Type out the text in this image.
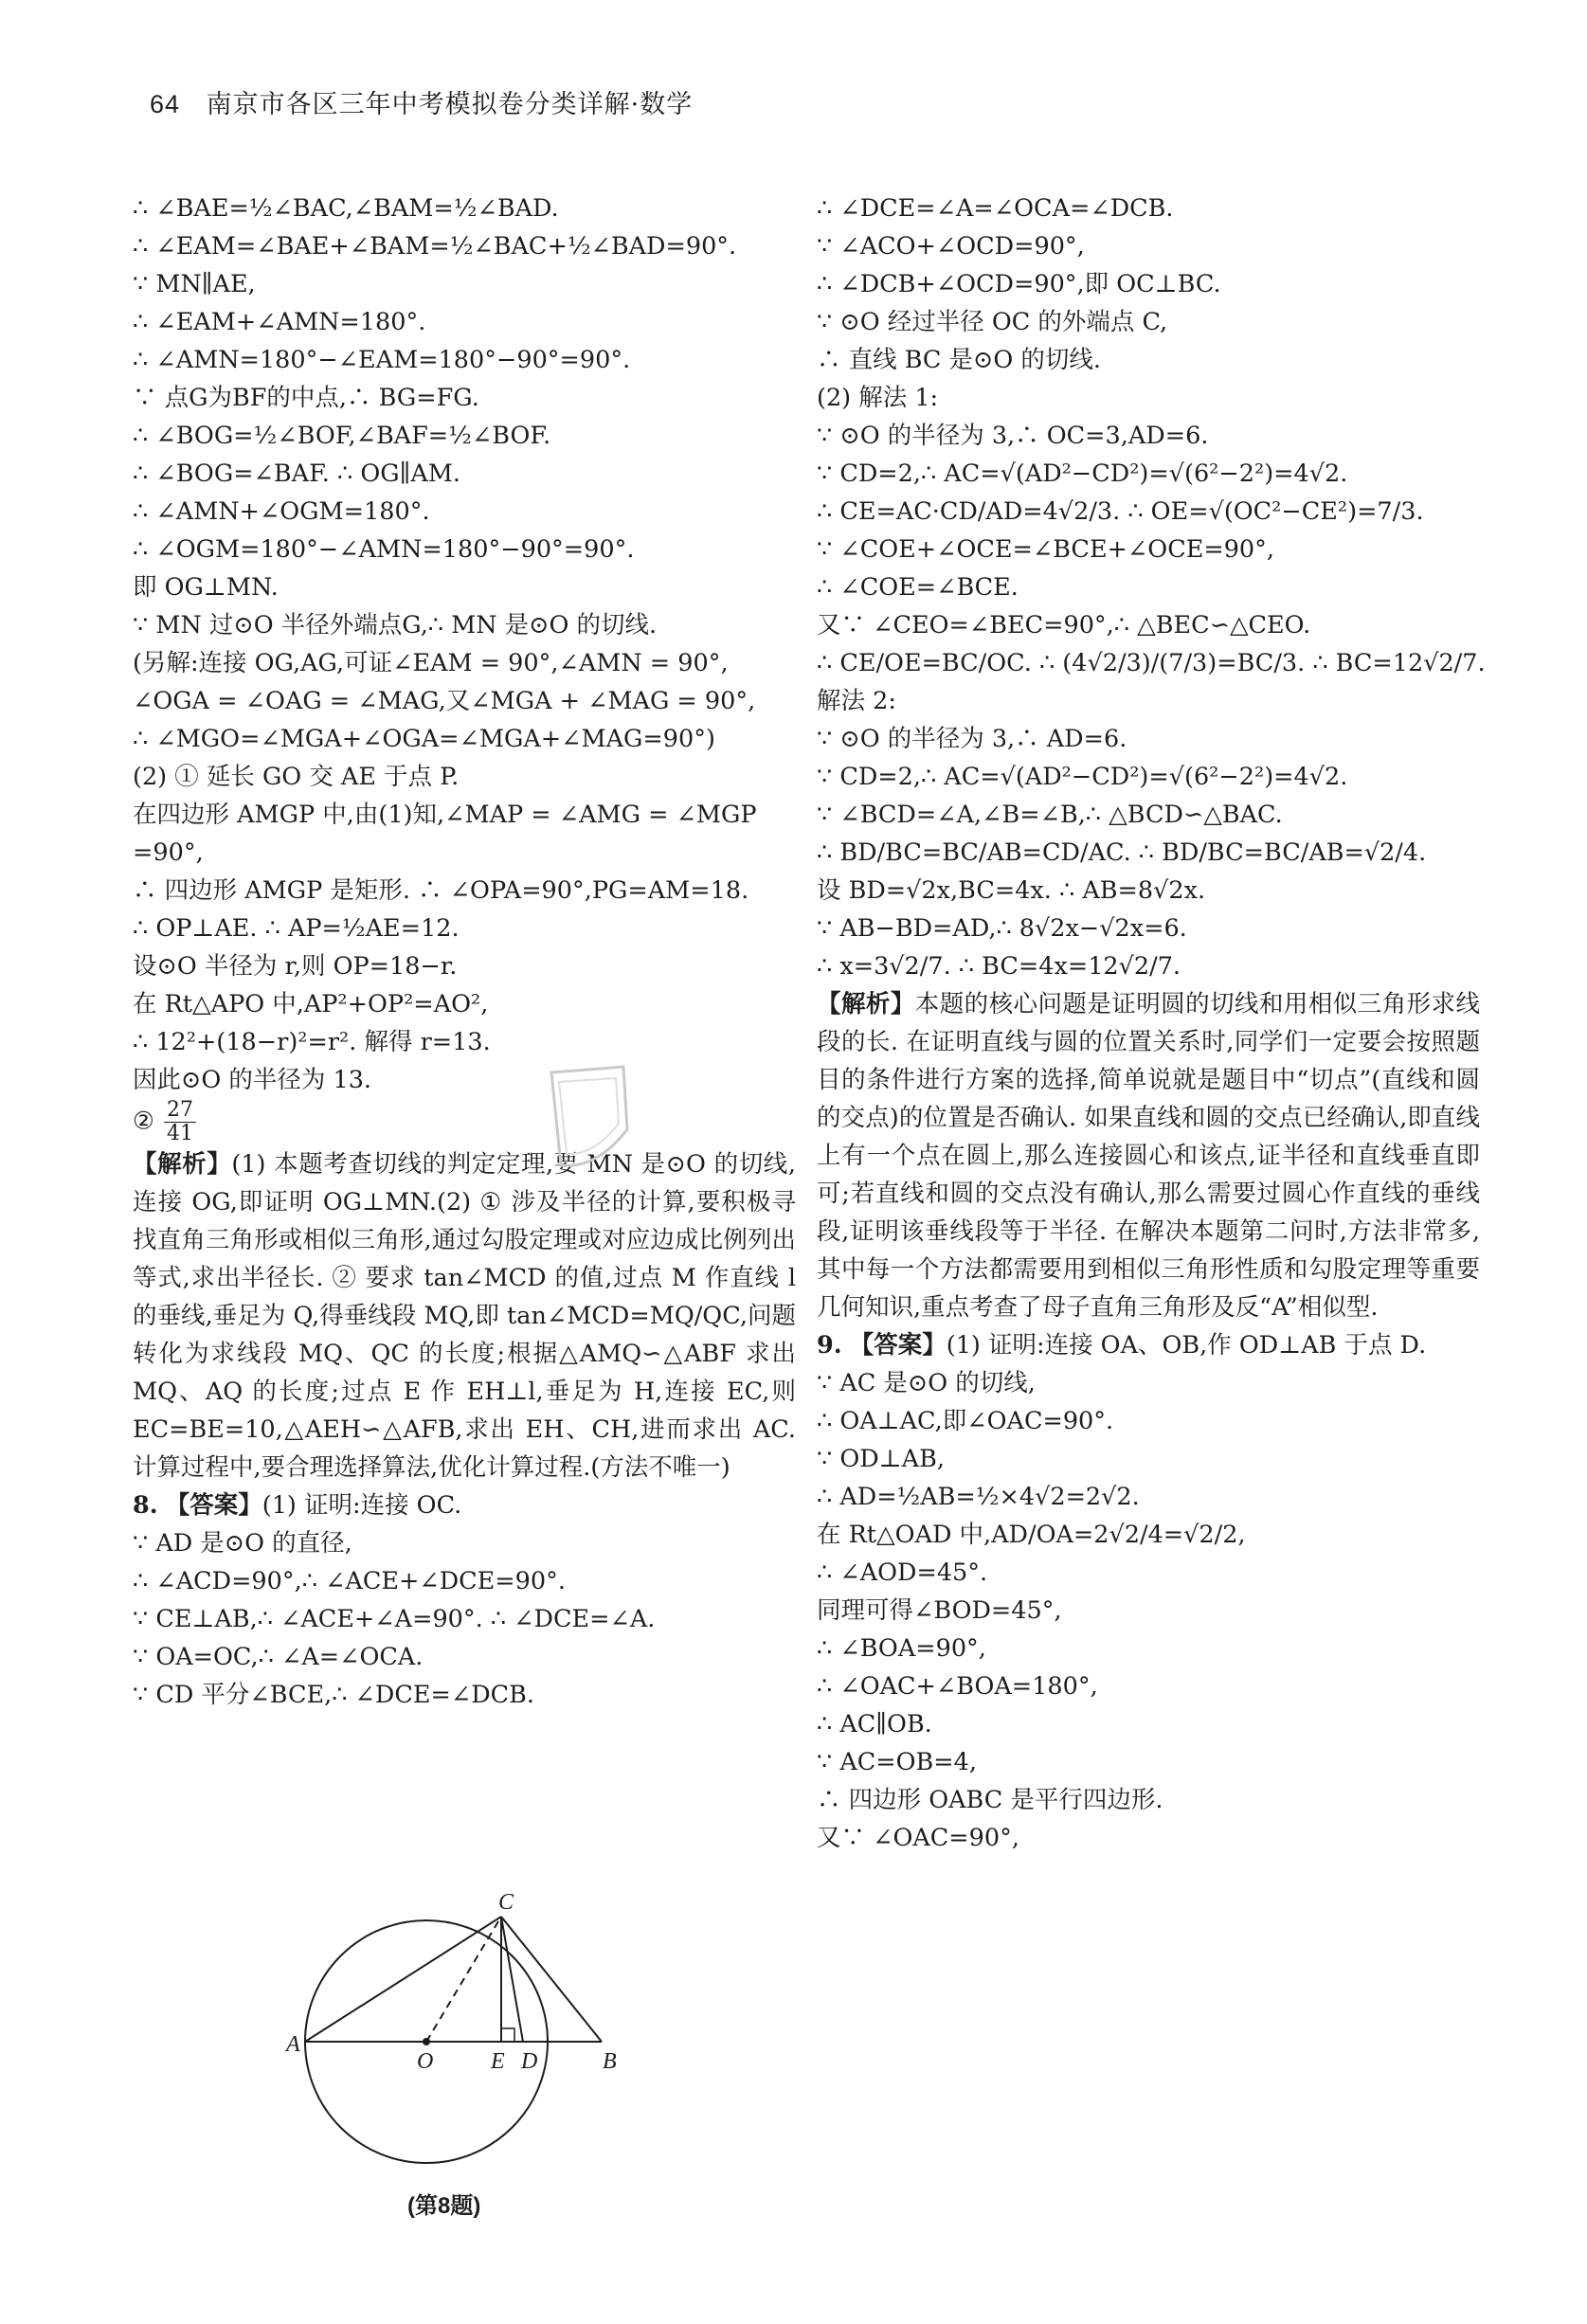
64 南京市各区三年中考模拟卷分类详解·数学
∴ ∠BAE=½∠BAC,∠BAM=½∠BAD.
∴ ∠EAM=∠BAE+∠BAM=½∠BAC+½∠BAD=90°.
∵ MN∥AE,
∴ ∠EAM+∠AMN=180°.
∴ ∠AMN=180°−∠EAM=180°−90°=90°.
∵ 点G为BF的中点,∴ BG=FG.
∴ ∠BOG=½∠BOF,∠BAF=½∠BOF.
∴ ∠BOG=∠BAF. ∴ OG∥AM.
∴ ∠AMN+∠OGM=180°.
∴ ∠OGM=180°−∠AMN=180°−90°=90°.
即 OG⊥MN.
∵ MN 过⊙O 半径外端点G,∴ MN 是⊙O 的切线.
(另解:连接 OG,AG,可证∠EAM = 90°,∠AMN = 90°,
∠OGA = ∠OAG = ∠MAG,又∠MGA + ∠MAG = 90°,
∴ ∠MGO=∠MGA+∠OGA=∠MGA+∠MAG=90°)
(2) ① 延长 GO 交 AE 于点 P.
在四边形 AMGP 中,由(1)知,∠MAP = ∠AMG = ∠MGP
=90°,
∴ 四边形 AMGP 是矩形. ∴ ∠OPA=90°,PG=AM=18.
∴ OP⊥AE. ∴ AP=½AE=12.
设⊙O 半径为 r,则 OP=18−r.
在 Rt△APO 中,AP²+OP²=AO²,
∴ 12²+(18−r)²=r². 解得 r=13.
因此⊙O 的半径为 13.
② $\frac{27}{41}$
【解析】(1) 本题考查切线的判定定理,要 MN 是⊙O 的切线,连接 OG,即证明 OG⊥MN.(2) ① 涉及半径的计算,要积极寻找直角三角形或相似三角形,通过勾股定理或对应边成比例列出等式,求出半径长. ② 要求 tan∠MCD 的值,过点 M 作直线 l 的垂线,垂足为 Q,得垂线段 MQ,即 tan∠MCD=MQ/QC,问题转化为求线段 MQ、QC 的长度;根据△AMQ∽△ABF 求出 MQ、AQ 的长度;过点 E 作 EH⊥l,垂足为 H,连接 EC,则 EC=BE=10,△AEH∽△AFB,求出 EH、CH,进而求出 AC. 计算过程中,要合理选择算法,优化计算过程.(方法不唯一)
8. 【答案】(1) 证明:连接 OC.
∵ AD 是⊙O 的直径,
∴ ∠ACD=90°,∴ ∠ACE+∠DCE=90°.
∵ CE⊥AB,∴ ∠ACE+∠A=90°. ∴ ∠DCE=∠A.
∵ OA=OC,∴ ∠A=∠OCA.
∵ CD 平分∠BCE,∴ ∠DCE=∠DCB.
A
O	E D	B
C
(第8题)
∴ ∠DCE=∠A=∠OCA=∠DCB.
∵ ∠ACO+∠OCD=90°,
∴ ∠DCB+∠OCD=90°,即 OC⊥BC.
∵ ⊙O 经过半径 OC 的外端点 C,
∴ 直线 BC 是⊙O 的切线.
(2) 解法 1:
∵ ⊙O 的半径为 3,∴ OC=3,AD=6.
∵ CD=2,∴ AC=√(AD²−CD²)=√(6²−2²)=4√2.
∴ CE=AC·CD/AD=4√2/3. ∴ OE=√(OC²−CE²)=7/3.
∵ ∠COE+∠OCE=∠BCE+∠OCE=90°,
∴ ∠COE=∠BCE.
又∵ ∠CEO=∠BEC=90°,∴ △BEC∽△CEO.
∴ CE/OE=BC/OC. ∴ (4√2/3)/(7/3)=BC/3. ∴ BC=12√2/7.
解法 2:
∵ ⊙O 的半径为 3,∴ AD=6.
∵ CD=2,∴ AC=√(AD²−CD²)=√(6²−2²)=4√2.
∵ ∠BCD=∠A,∠B=∠B,∴ △BCD∽△BAC.
∴ BD/BC=BC/AB=CD/AC. ∴ BD/BC=BC/AB=√2/4.
设 BD=√2x,BC=4x. ∴ AB=8√2x.
∵ AB−BD=AD,∴ 8√2x−√2x=6.
∴ x=3√2/7. ∴ BC=4x=12√2/7.
【解析】本题的核心问题是证明圆的切线和用相似三角形求线段的长. 在证明直线与圆的位置关系时,同学们一定要会按照题目的条件进行方案的选择,简单说就是题目中“切点”(直线和圆的交点)的位置是否确认. 如果直线和圆的交点已经确认,即直线上有一个点在圆上,那么连接圆心和该点,证半径和直线垂直即可;若直线和圆的交点没有确认,那么需要过圆心作直线的垂线段,证明该垂线段等于半径. 在解决本题第二问时,方法非常多,其中每一个方法都需要用到相似三角形性质和勾股定理等重要几何知识,重点考查了母子直角三角形及反“A”相似型.
9. 【答案】(1) 证明:连接 OA、OB,作 OD⊥AB 于点 D.
∵ AC 是⊙O 的切线,
∴ OA⊥AC,即∠OAC=90°.
∵ OD⊥AB,
∴ AD=½AB=½×4√2=2√2.
在 Rt△OAD 中,AD/OA=2√2/4=√2/2,
∴ ∠AOD=45°.
同理可得∠BOD=45°,
∴ ∠BOA=90°,
∴ ∠OAC+∠BOA=180°,
∴ AC∥OB.
∵ AC=OB=4,
∴ 四边形 OABC 是平行四边形.
又∵ ∠OAC=90°,
